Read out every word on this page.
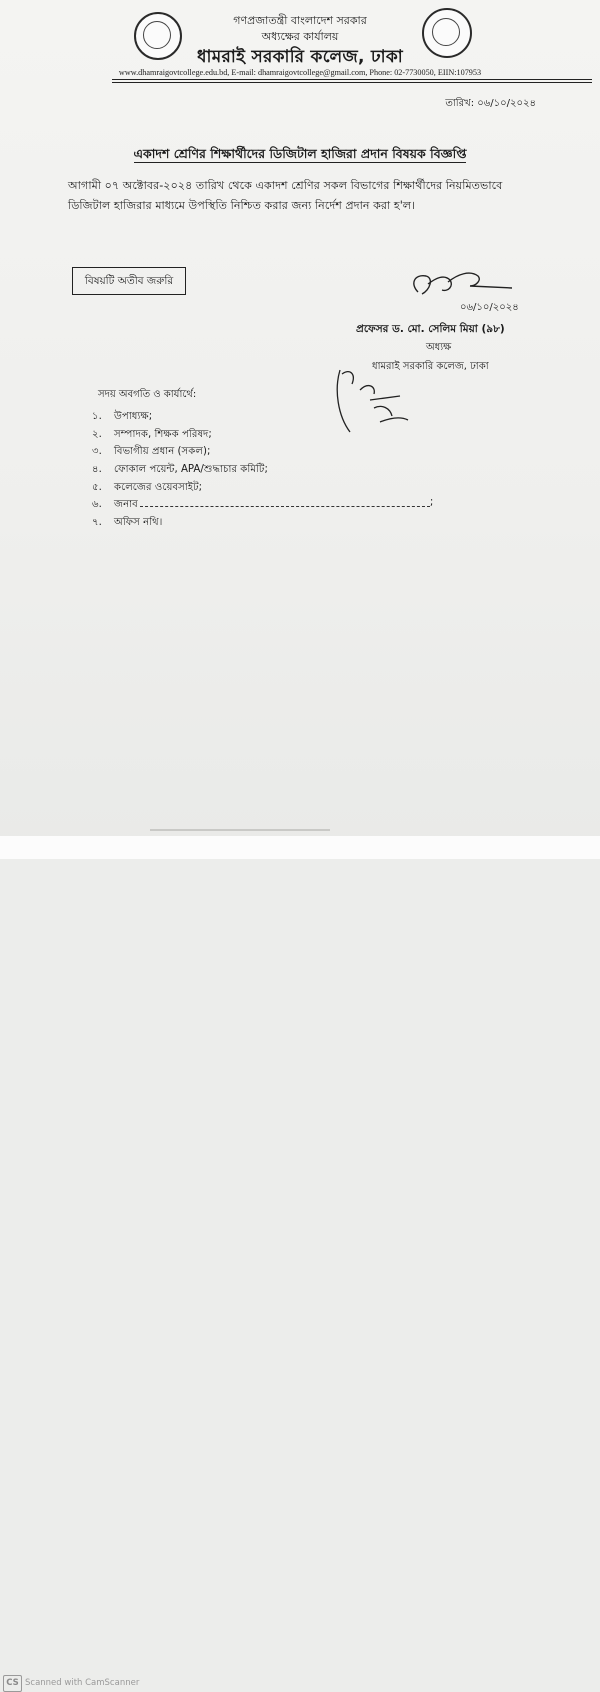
গণপ্রজাতন্ত্রী বাংলাদেশ সরকার
অধ্যক্ষের কার্যালয়
ধামরাই সরকারি কলেজ, ঢাকা
www.dhamraigovtcollege.edu.bd, E-mail: dhamraigovtcollege@gmail.com, Phone: 02-7730050, EIIN:107953
তারিখ: ০৬/১০/২০২৪
একাদশ শ্রেণির শিক্ষার্থীদের ডিজিটাল হাজিরা প্রদান বিষয়ক বিজ্ঞপ্তি
আগামী ০৭ অক্টোবর-২০২৪ তারিখ থেকে একাদশ শ্রেণির সকল বিভাগের শিক্ষার্থীদের নিয়মিতভাবে
ডিজিটাল হাজিরার মাধ্যমে উপস্থিতি নিশ্চিত করার জন্য নির্দেশ প্রদান করা হ'ল।
বিষয়টি অতীব জরুরি
০৬/১০/২০২৪
প্রফেসর ড. মো. সেলিম মিয়া (৯৮)
অধ্যক্ষ
ধামরাই সরকারি কলেজ, ঢাকা
সদয় অবগতি ও কার্যার্থে:
১.	উপাধ্যক্ষ;
২.	সম্পাদক, শিক্ষক পরিষদ;
৩.	বিভাগীয় প্রধান (সকল);
৪.	ফোকাল পয়েন্ট, APA/শুদ্ধাচার কমিটি;
৫.	কলেজের ওয়েবসাইট;
৬.	জনাব	;
৭.	অফিস নথি।
CS Scanned with CamScanner
